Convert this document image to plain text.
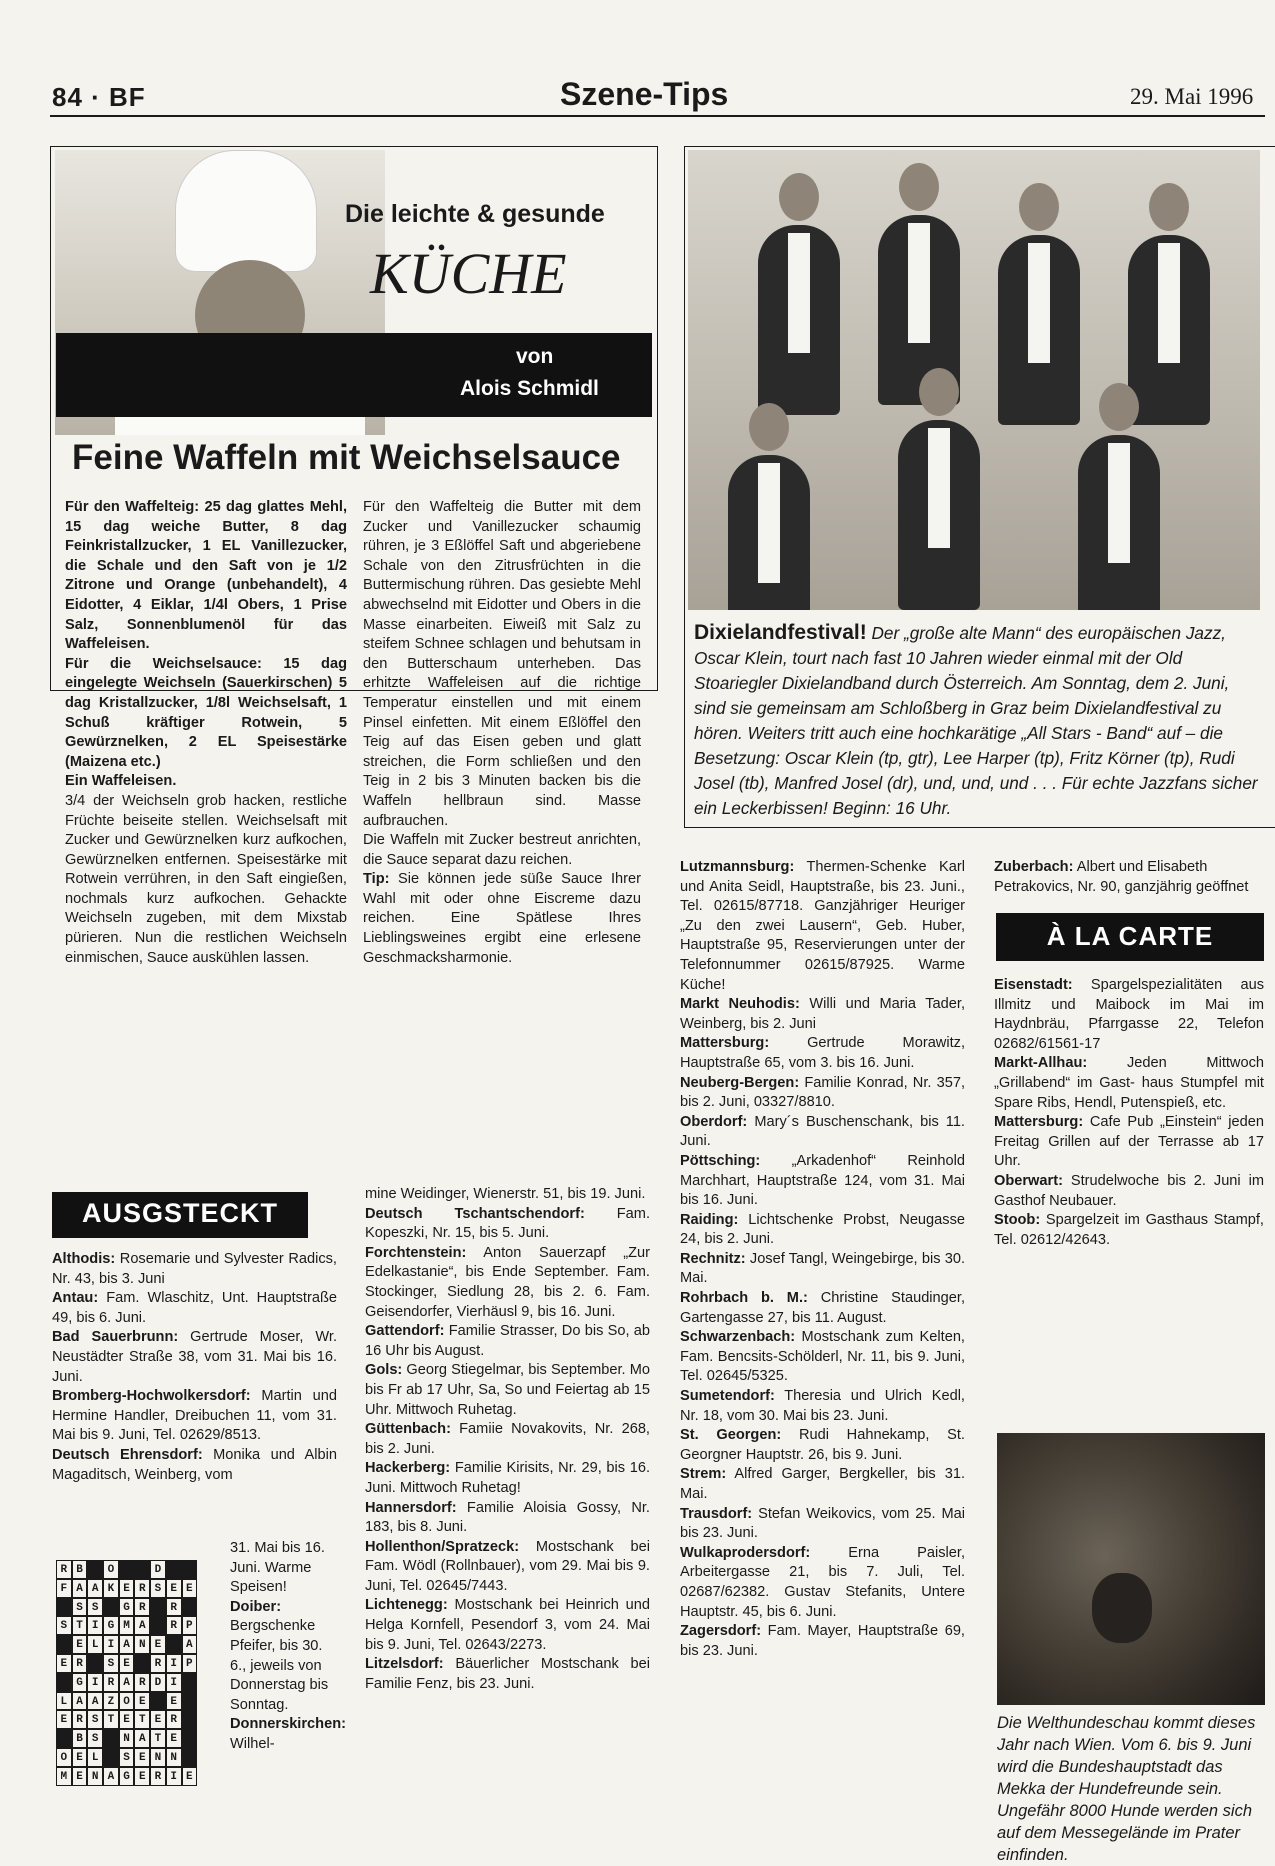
84 · BF	Szene-Tips	29. Mai 1996
Die leichte & gesunde
KÜCHE
von
Alois Schmidl
Feine Waffeln mit Weichselsauce
Für den Waffelteig: 25 dag glattes Mehl, 15 dag weiche Butter, 8 dag Feinkristallzucker, 1 EL Vanillezucker, die Schale und den Saft von je 1/2 Zitrone und Orange (unbehandelt), 4 Eidotter, 4 Eiklar, 1/4l Obers, 1 Prise Salz, Sonnenblumenöl für das Waffeleisen.
Für die Weichselsauce: 15 dag eingelegte Weichseln (Sauerkirschen) 5 dag Kristallzucker, 1/8l Weichselsaft, 1 Schuß kräftiger Rotwein, 5 Gewürznelken, 2 EL Speisestärke (Maizena etc.)
Ein Waffeleisen.
3/4 der Weichseln grob hacken, restliche Früchte beiseite stellen. Weichselsaft mit Zucker und Gewürznelken kurz aufkochen, Gewürznelken entfernen. Speisestärke mit Rotwein verrühren, in den Saft eingießen, nochmals kurz aufkochen. Gehackte Weichseln zugeben, mit dem Mixstab pürieren. Nun die restlichen Weichseln einmischen, Sauce auskühlen lassen.
Für den Waffelteig die Butter mit dem Zucker und Vanillezucker schaumig rühren, je 3 Eßlöffel Saft und abgeriebene Schale von den Zitrusfrüchten in die Buttermischung rühren. Das gesiebte Mehl abwechselnd mit Eidotter und Obers in die Masse einarbeiten. Eiweiß mit Salz zu steifem Schnee schlagen und behutsam in den Butterschaum unterheben. Das erhitzte Waffeleisen auf die richtige Temperatur einstellen und mit einem Pinsel einfetten. Mit einem Eßlöffel den Teig auf das Eisen geben und glatt streichen, die Form schließen und den Teig in 2 bis 3 Minuten backen bis die Waffeln hellbraun sind. Masse aufbrauchen.
Die Waffeln mit Zucker bestreut anrichten, die Sauce separat dazu reichen.
Tip: Sie können jede süße Sauce Ihrer Wahl mit oder ohne Eiscreme dazu reichen. Eine Spätlese Ihres Lieblingsweines ergibt eine erlesene Geschmacksharmonie.
Dixielandfestival! Der „große alte Mann“ des europäischen Jazz, Oscar Klein, tourt nach fast 10 Jahren wieder einmal mit der Old Stoariegler Dixielandband durch Österreich. Am Sonntag, dem 2. Juni, sind sie gemeinsam am Schloßberg in Graz beim Dixielandfestival zu hören. Weiters tritt auch eine hochkarätige „All Stars - Band“ auf – die Besetzung: Oscar Klein (tp, gtr), Lee Harper (tp), Fritz Körner (tp), Rudi Josel (tb), Manfred Josel (dr), und, und, und . . . Für echte Jazzfans sicher ein Leckerbissen! Beginn: 16 Uhr.
Lutzmannsburg: Thermen-Schenke Karl und Anita Seidl, Hauptstraße, bis 23. Juni., Tel. 02615/87718. Ganzjähriger Heuriger „Zu den zwei Lausern“, Geb. Huber, Hauptstraße 95, Reservierungen unter der Telefonnummer 02615/87925. Warme Küche!
Markt Neuhodis: Willi und Maria Tader, Weinberg, bis 2. Juni
Mattersburg: Gertrude Morawitz, Hauptstraße 65, vom 3. bis 16. Juni.
Neuberg-Bergen: Familie Konrad, Nr. 357, bis 2. Juni, 03327/8810.
Oberdorf: Mary´s Buschenschank, bis 11. Juni.
Pöttsching: „Arkadenhof“ Reinhold Marchhart, Hauptstraße 124, vom 31. Mai bis 16. Juni.
Raiding: Lichtschenke Probst, Neugasse 24, bis 2. Juni.
Rechnitz: Josef Tangl, Weingebirge, bis 30. Mai.
Rohrbach b. M.: Christine Staudinger, Gartengasse 27, bis 11. August.
Schwarzenbach: Mostschank zum Kelten, Fam. Bencsits-Schölderl, Nr. 11, bis 9. Juni, Tel. 02645/5325.
Sumetendorf: Theresia und Ulrich Kedl, Nr. 18, vom 30. Mai bis 23. Juni.
St. Georgen: Rudi Hahnekamp, St. Georgner Hauptstr. 26, bis 9. Juni.
Strem: Alfred Garger, Bergkeller, bis 31. Mai.
Trausdorf: Stefan Weikovics, vom 25. Mai bis 23. Juni.
Wulkaprodersdorf: Erna Paisler, Arbeitergasse 21, bis 7. Juli, Tel. 02687/62382. Gustav Stefanits, Untere Hauptstr. 45, bis 6. Juni.
Zagersdorf: Fam. Mayer, Hauptstraße 69, bis 23. Juni.
Zuberbach: Albert und Elisabeth Petrakovics, Nr. 90, ganzjährig geöffnet
À LA CARTE
Eisenstadt: Spargelspezialitäten aus Illmitz und Maibock im Mai im Haydnbräu, Pfarrgasse 22, Telefon 02682/61561-17
Markt-Allhau: Jeden Mittwoch „Grillabend“ im Gast- haus Stumpfel mit Spare Ribs, Hendl, Putenspieß, etc.
Mattersburg: Cafe Pub „Einstein“ jeden Freitag Grillen auf der Terrasse ab 17 Uhr.
Oberwart: Strudelwoche bis 2. Juni im Gasthof Neubauer.
Stoob: Spargelzeit im Gasthaus Stampf, Tel. 02612/42643.
Die Welthundeschau kommt dieses Jahr nach Wien. Vom 6. bis 9. Juni wird die Bundeshauptstadt das Mekka der Hundefreunde sein. Ungefähr 8000 Hunde werden sich auf dem Messegelände im Prater einfinden.
AUSGSTECKT
Althodis: Rosemarie und Sylvester Radics, Nr. 43, bis 3. Juni
Antau: Fam. Wlaschitz, Unt. Hauptstraße 49, bis 6. Juni.
Bad Sauerbrunn: Gertrude Moser, Wr. Neustädter Straße 38, vom 31. Mai bis 16. Juni.
Bromberg-Hochwolkersdorf: Martin und Hermine Handler, Dreibuchen 11, vom 31. Mai bis 9. Juni, Tel. 02629/8513.
Deutsch Ehrensdorf: Monika und Albin Magaditsch, Weinberg, vom
31. Mai bis 16. Juni. Warme Speisen!
Doiber: Bergschenke Pfeifer, bis 30. 6., jeweils von Donnerstag bis Sonntag.
Donnerskirchen: Wilhel-
R B	O	D
F A A K E R S E E
S S	G R	R
S T I G M A	R P
E L I A N E	A
E R	S E	R I P
G I R A R D I
L A A Z O E	E
E R S T E T E R
B S	N A T E
O E L	S E N N
M E N A G E R I E
mine Weidinger, Wienerstr. 51, bis 19. Juni.
Deutsch Tschantschendorf: Fam. Kopeszki, Nr. 15, bis 5. Juni.
Forchtenstein: Anton Sauerzapf „Zur Edelkastanie“, bis Ende September. Fam. Stockinger, Siedlung 28, bis 2. 6. Fam. Geisendorfer, Vierhäusl 9, bis 16. Juni.
Gattendorf: Familie Strasser, Do bis So, ab 16 Uhr bis August.
Gols: Georg Stiegelmar, bis September. Mo bis Fr ab 17 Uhr, Sa, So und Feiertag ab 15 Uhr. Mittwoch Ruhetag.
Güttenbach: Famiie Novakovits, Nr. 268, bis 2. Juni.
Hackerberg: Familie Kirisits, Nr. 29, bis 16. Juni. Mittwoch Ruhetag!
Hannersdorf: Familie Aloisia Gossy, Nr. 183, bis 8. Juni.
Hollenthon/Spratzeck: Mostschank bei Fam. Wödl (Rollnbauer), vom 29. Mai bis 9. Juni, Tel. 02645/7443.
Lichtenegg: Mostschank bei Heinrich und Helga Kornfell, Pesendorf 3, vom 24. Mai bis 9. Juni, Tel. 02643/2273.
Litzelsdorf: Bäuerlicher Mostschank bei Familie Fenz, bis 23. Juni.
